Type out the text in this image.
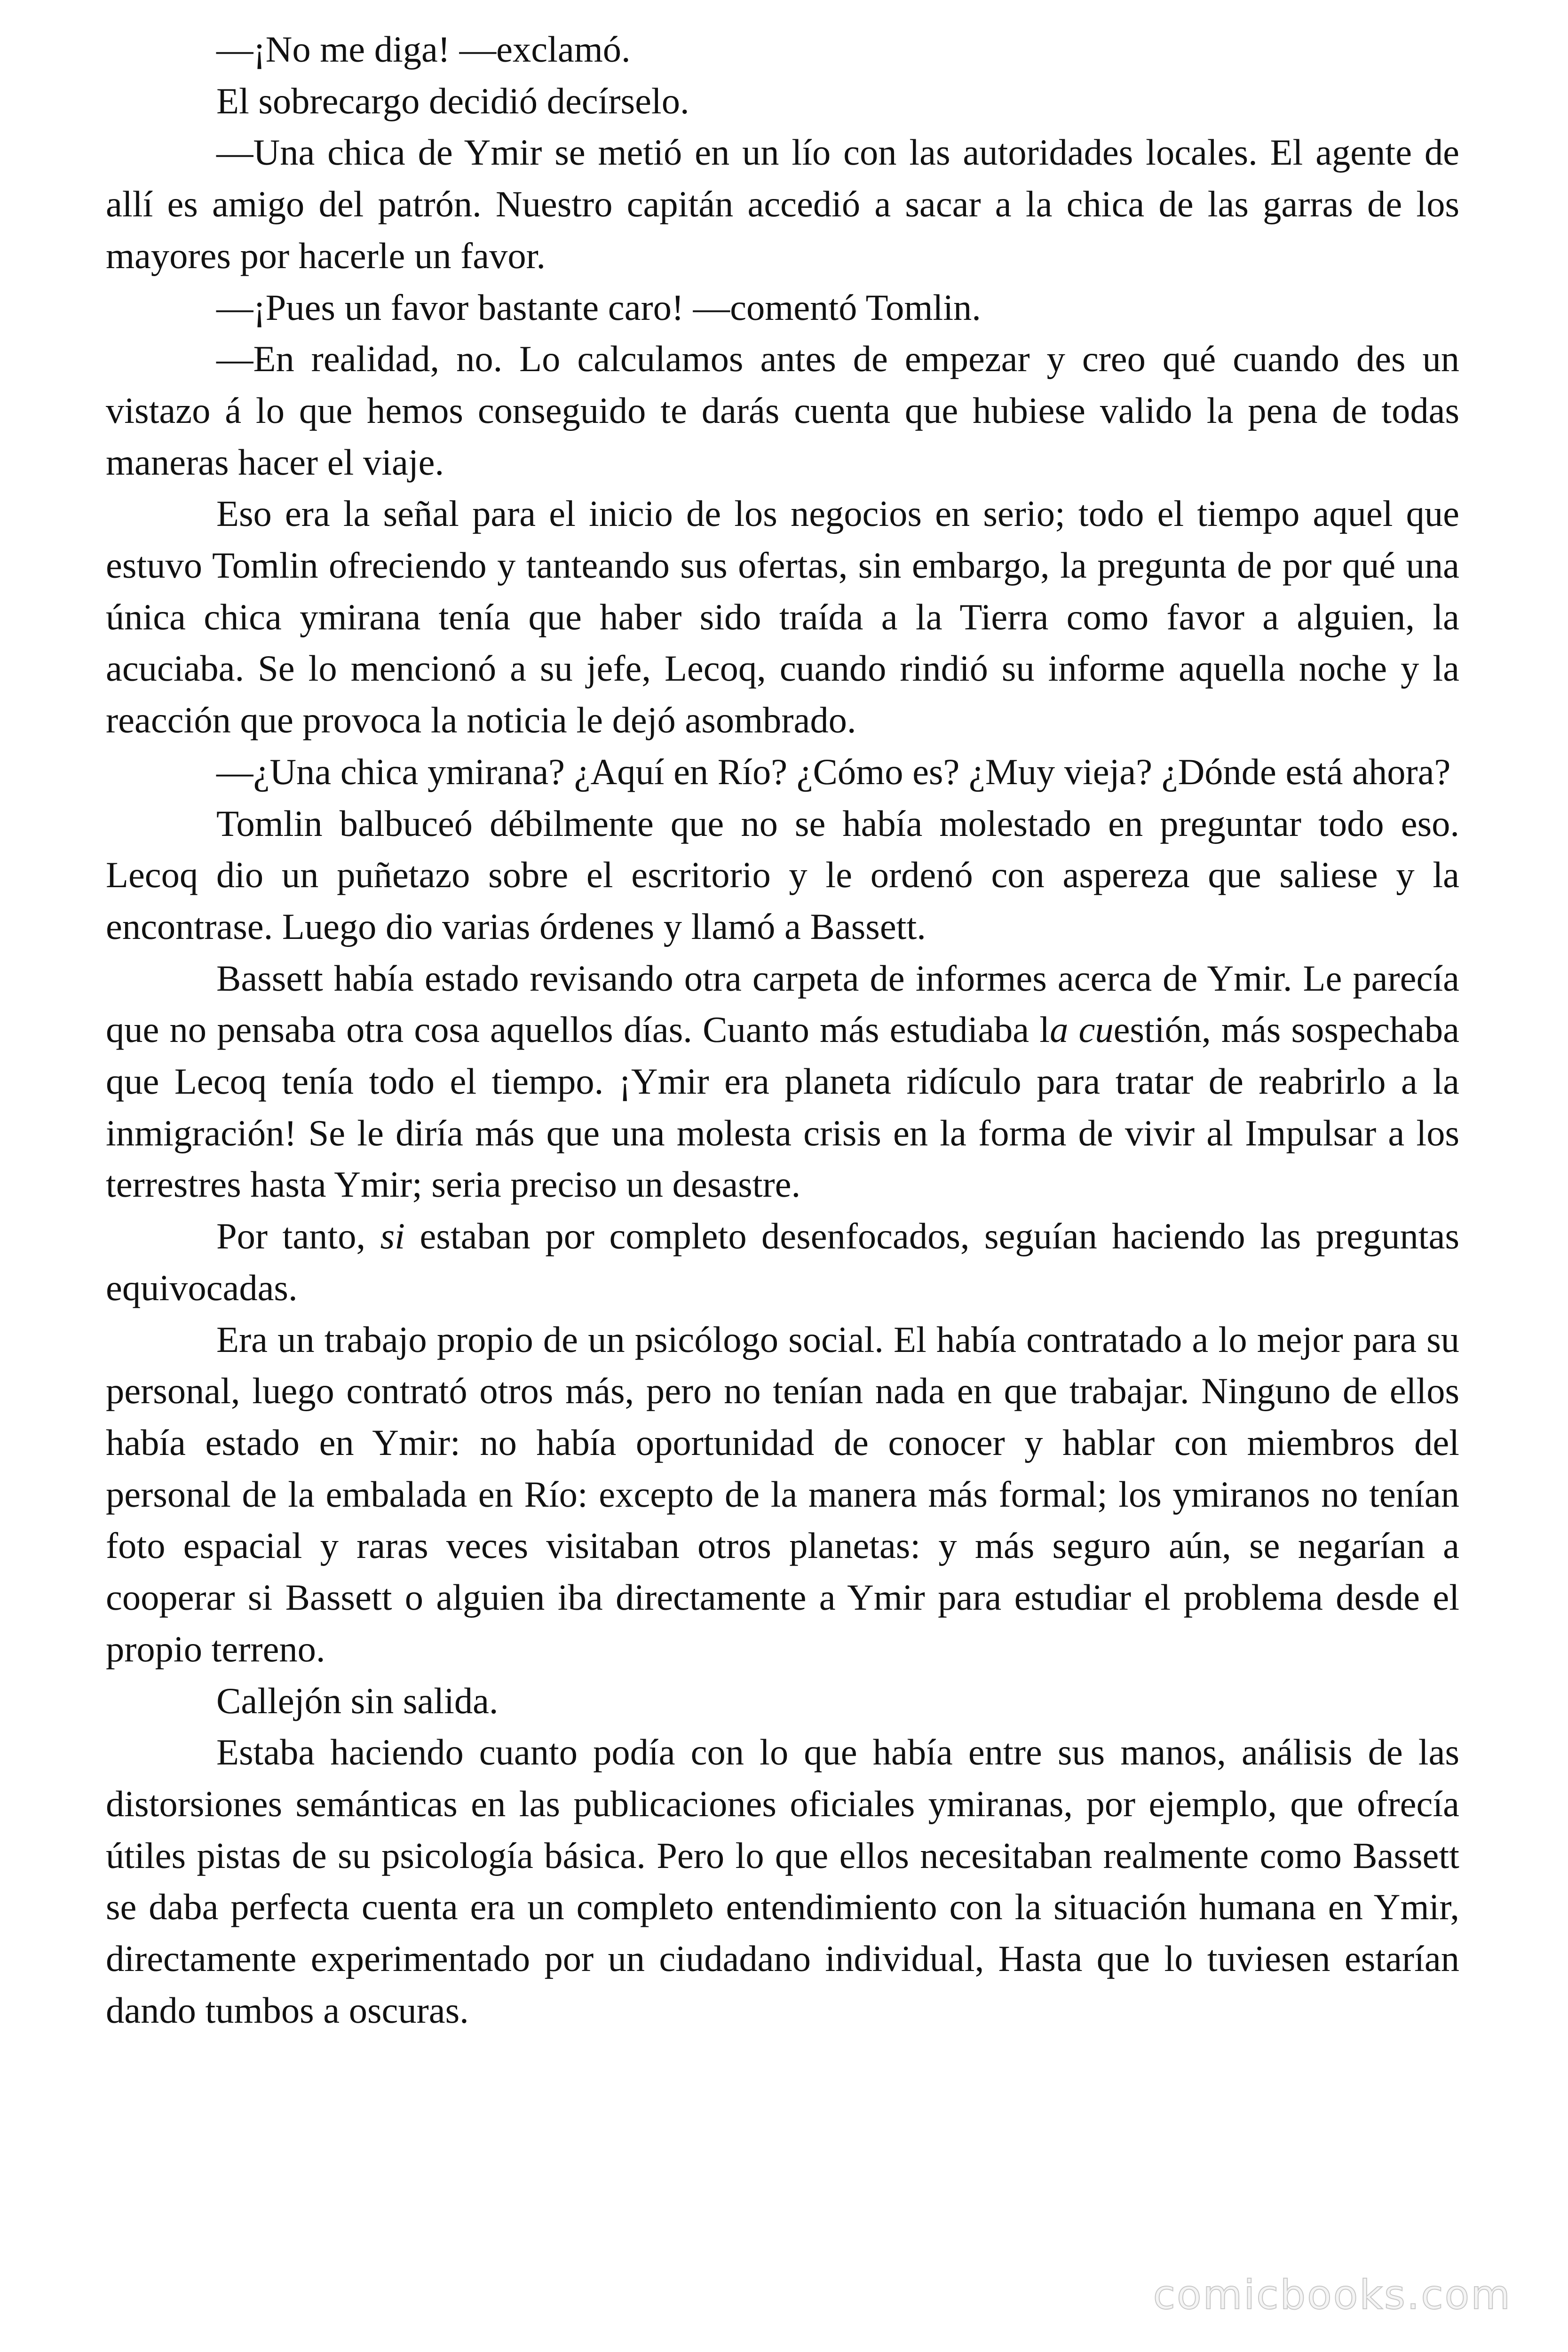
—¡No me diga! —exclamó.

El sobrecargo decidió decírselo.

—Una chica de Ymir se metió en un lío con las autoridades locales. El agente de allí es amigo del patrón. Nuestro capitán accedió a sacar a la chica de las garras de los mayores por hacerle un favor.

—¡Pues un favor bastante caro! —comentó Tomlin.

—En realidad, no. Lo calculamos antes de empezar y creo qué cuando des un vistazo á lo que hemos conseguido te darás cuenta que hubiese valido la pena de todas maneras hacer el viaje.

Eso era la señal para el inicio de los negocios en serio; todo el tiempo aquel que estuvo Tomlin ofreciendo y tanteando sus ofertas, sin embargo, la pregunta de por qué una única chica ymirana tenía que haber sido traída a la Tierra como favor a alguien, la acuciaba. Se lo mencionó a su jefe, Lecoq, cuando rindió su informe aquella noche y la reacción que provoca la noticia le dejó asombrado.

—¿Una chica ymirana? ¿Aquí en Río? ¿Cómo es? ¿Muy vieja? ¿Dónde está ahora?

Tomlin balbuceó débilmente que no se había molestado en preguntar todo eso. Lecoq dio un puñetazo sobre el escritorio y le ordenó con aspereza que saliese y la encontrase. Luego dio varias órdenes y llamó a Bassett.

Bassett había estado revisando otra carpeta de informes acerca de Ymir. Le parecía que no pensaba otra cosa aquellos días. Cuanto más estudiaba la cuestión, más sospechaba que Lecoq tenía todo el tiempo. ¡Ymir era planeta ridículo para tratar de reabrirlo a la inmigración! Se le diría más que una molesta crisis en la forma de vivir al Impulsar a los terrestres hasta Ymir; seria preciso un desastre.

Por tanto, si estaban por completo desenfocados, seguían haciendo las preguntas equivocadas.

Era un trabajo propio de un psicólogo social. El había contratado a lo mejor para su personal, luego contrató otros más, pero no tenían nada en que trabajar. Ninguno de ellos había estado en Ymir: no había oportunidad de conocer y hablar con miembros del personal de la embalada en Río: excepto de la manera más formal; los ymiranos no tenían foto espacial y raras veces visitaban otros planetas: y más seguro aún, se negarían a cooperar si Bassett o alguien iba directamente a Ymir para estudiar el problema desde el propio terreno.

Callejón sin salida.

Estaba haciendo cuanto podía con lo que había entre sus manos, análisis de las distorsiones semánticas en las publicaciones oficiales ymiranas, por ejemplo, que ofrecía útiles pistas de su psicología básica. Pero lo que ellos necesitaban realmente como Bassett se daba perfecta cuenta era un completo entendimiento con la situación humana en Ymir, directamente experimentado por un ciudadano individual, Hasta que lo tuviesen estarían dando tumbos a oscuras.

comicbooks.com
